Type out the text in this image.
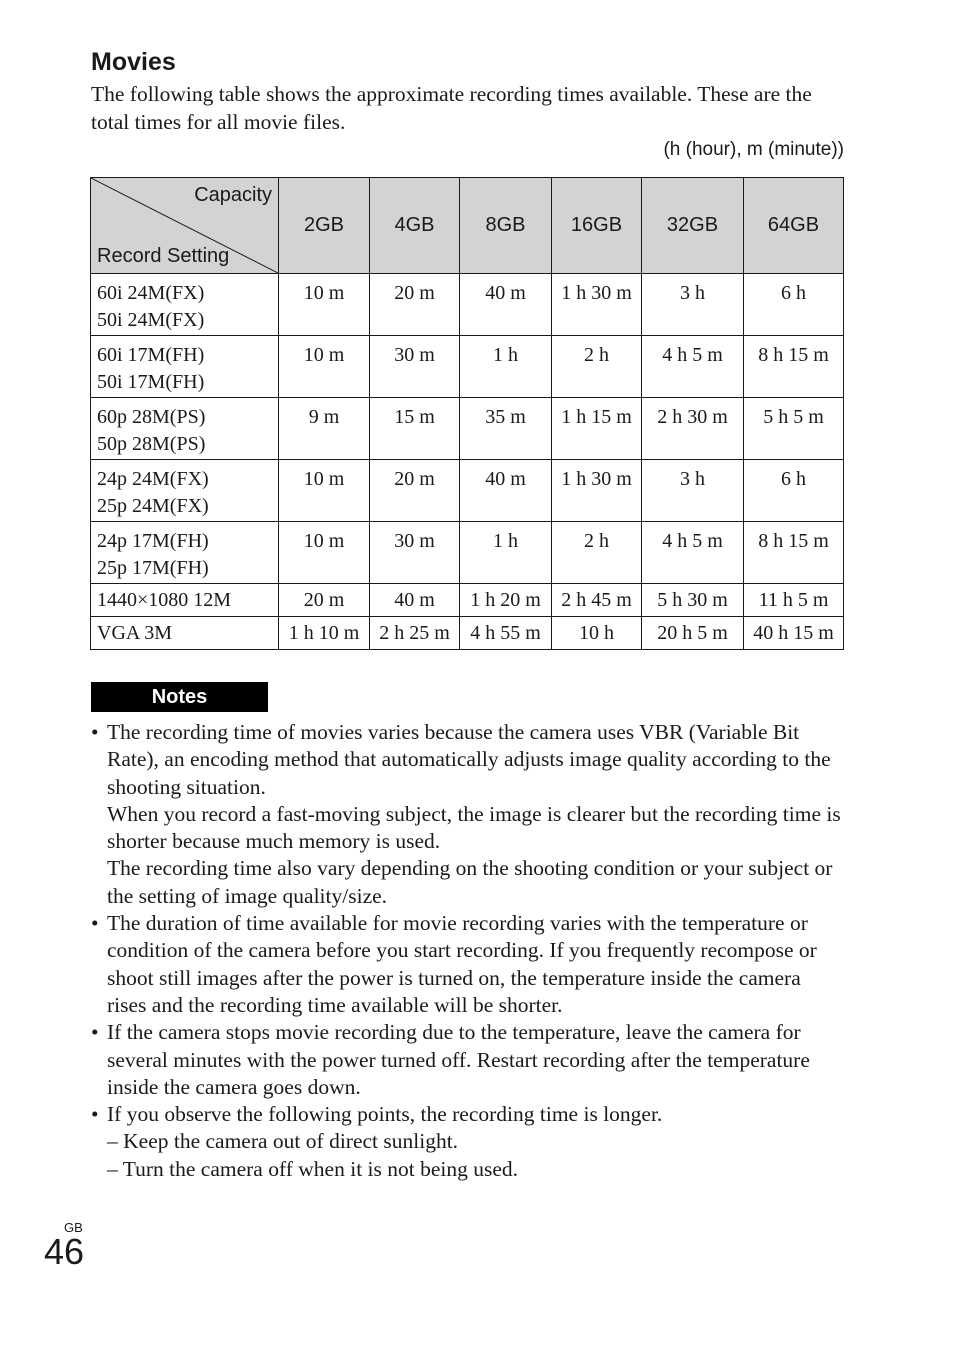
Movies

The following table shows the approximate recording times available. These are the total times for all movie files.

(h (hour), m (minute))
Capacity
Record Setting	2GB	4GB	8GB	16GB	32GB	64GB
60i 24M(FX)
50i 24M(FX)	10 m	20 m	40 m	1 h 30 m	3 h	6 h
60i 17M(FH)
50i 17M(FH)	10 m	30 m	1 h	2 h	4 h 5 m	8 h 15 m
60p 28M(PS)
50p 28M(PS)	9 m	15 m	35 m	1 h 15 m	2 h 30 m	5 h 5 m
24p 24M(FX)
25p 24M(FX)	10 m	20 m	40 m	1 h 30 m	3 h	6 h
24p 17M(FH)
25p 17M(FH)	10 m	30 m	1 h	2 h	4 h 5 m	8 h 15 m
1440×1080 12M	20 m	40 m	1 h 20 m	2 h 45 m	5 h 30 m	11 h 5 m
VGA 3M	1 h 10 m	2 h 25 m	4 h 55 m	10 h	20 h 5 m	40 h 15 m
Notes
• The recording time of movies varies because the camera uses VBR (Variable Bit Rate), an encoding method that automatically adjusts image quality according to the shooting situation.

When you record a fast-moving subject, the image is clearer but the recording time is shorter because much memory is used.

The recording time also vary depending on the shooting condition or your subject or the setting of image quality/size.

• The duration of time available for movie recording varies with the temperature or condition of the camera before you start recording. If you frequently recompose or shoot still images after the power is turned on, the temperature inside the camera rises and the recording time available will be shorter.

• If the camera stops movie recording due to the temperature, leave the camera for several minutes with the power turned off. Restart recording after the temperature inside the camera goes down.

• If you observe the following points, the recording time is longer.

– Keep the camera out of direct sunlight.

– Turn the camera off when it is not being used.

GB
46
